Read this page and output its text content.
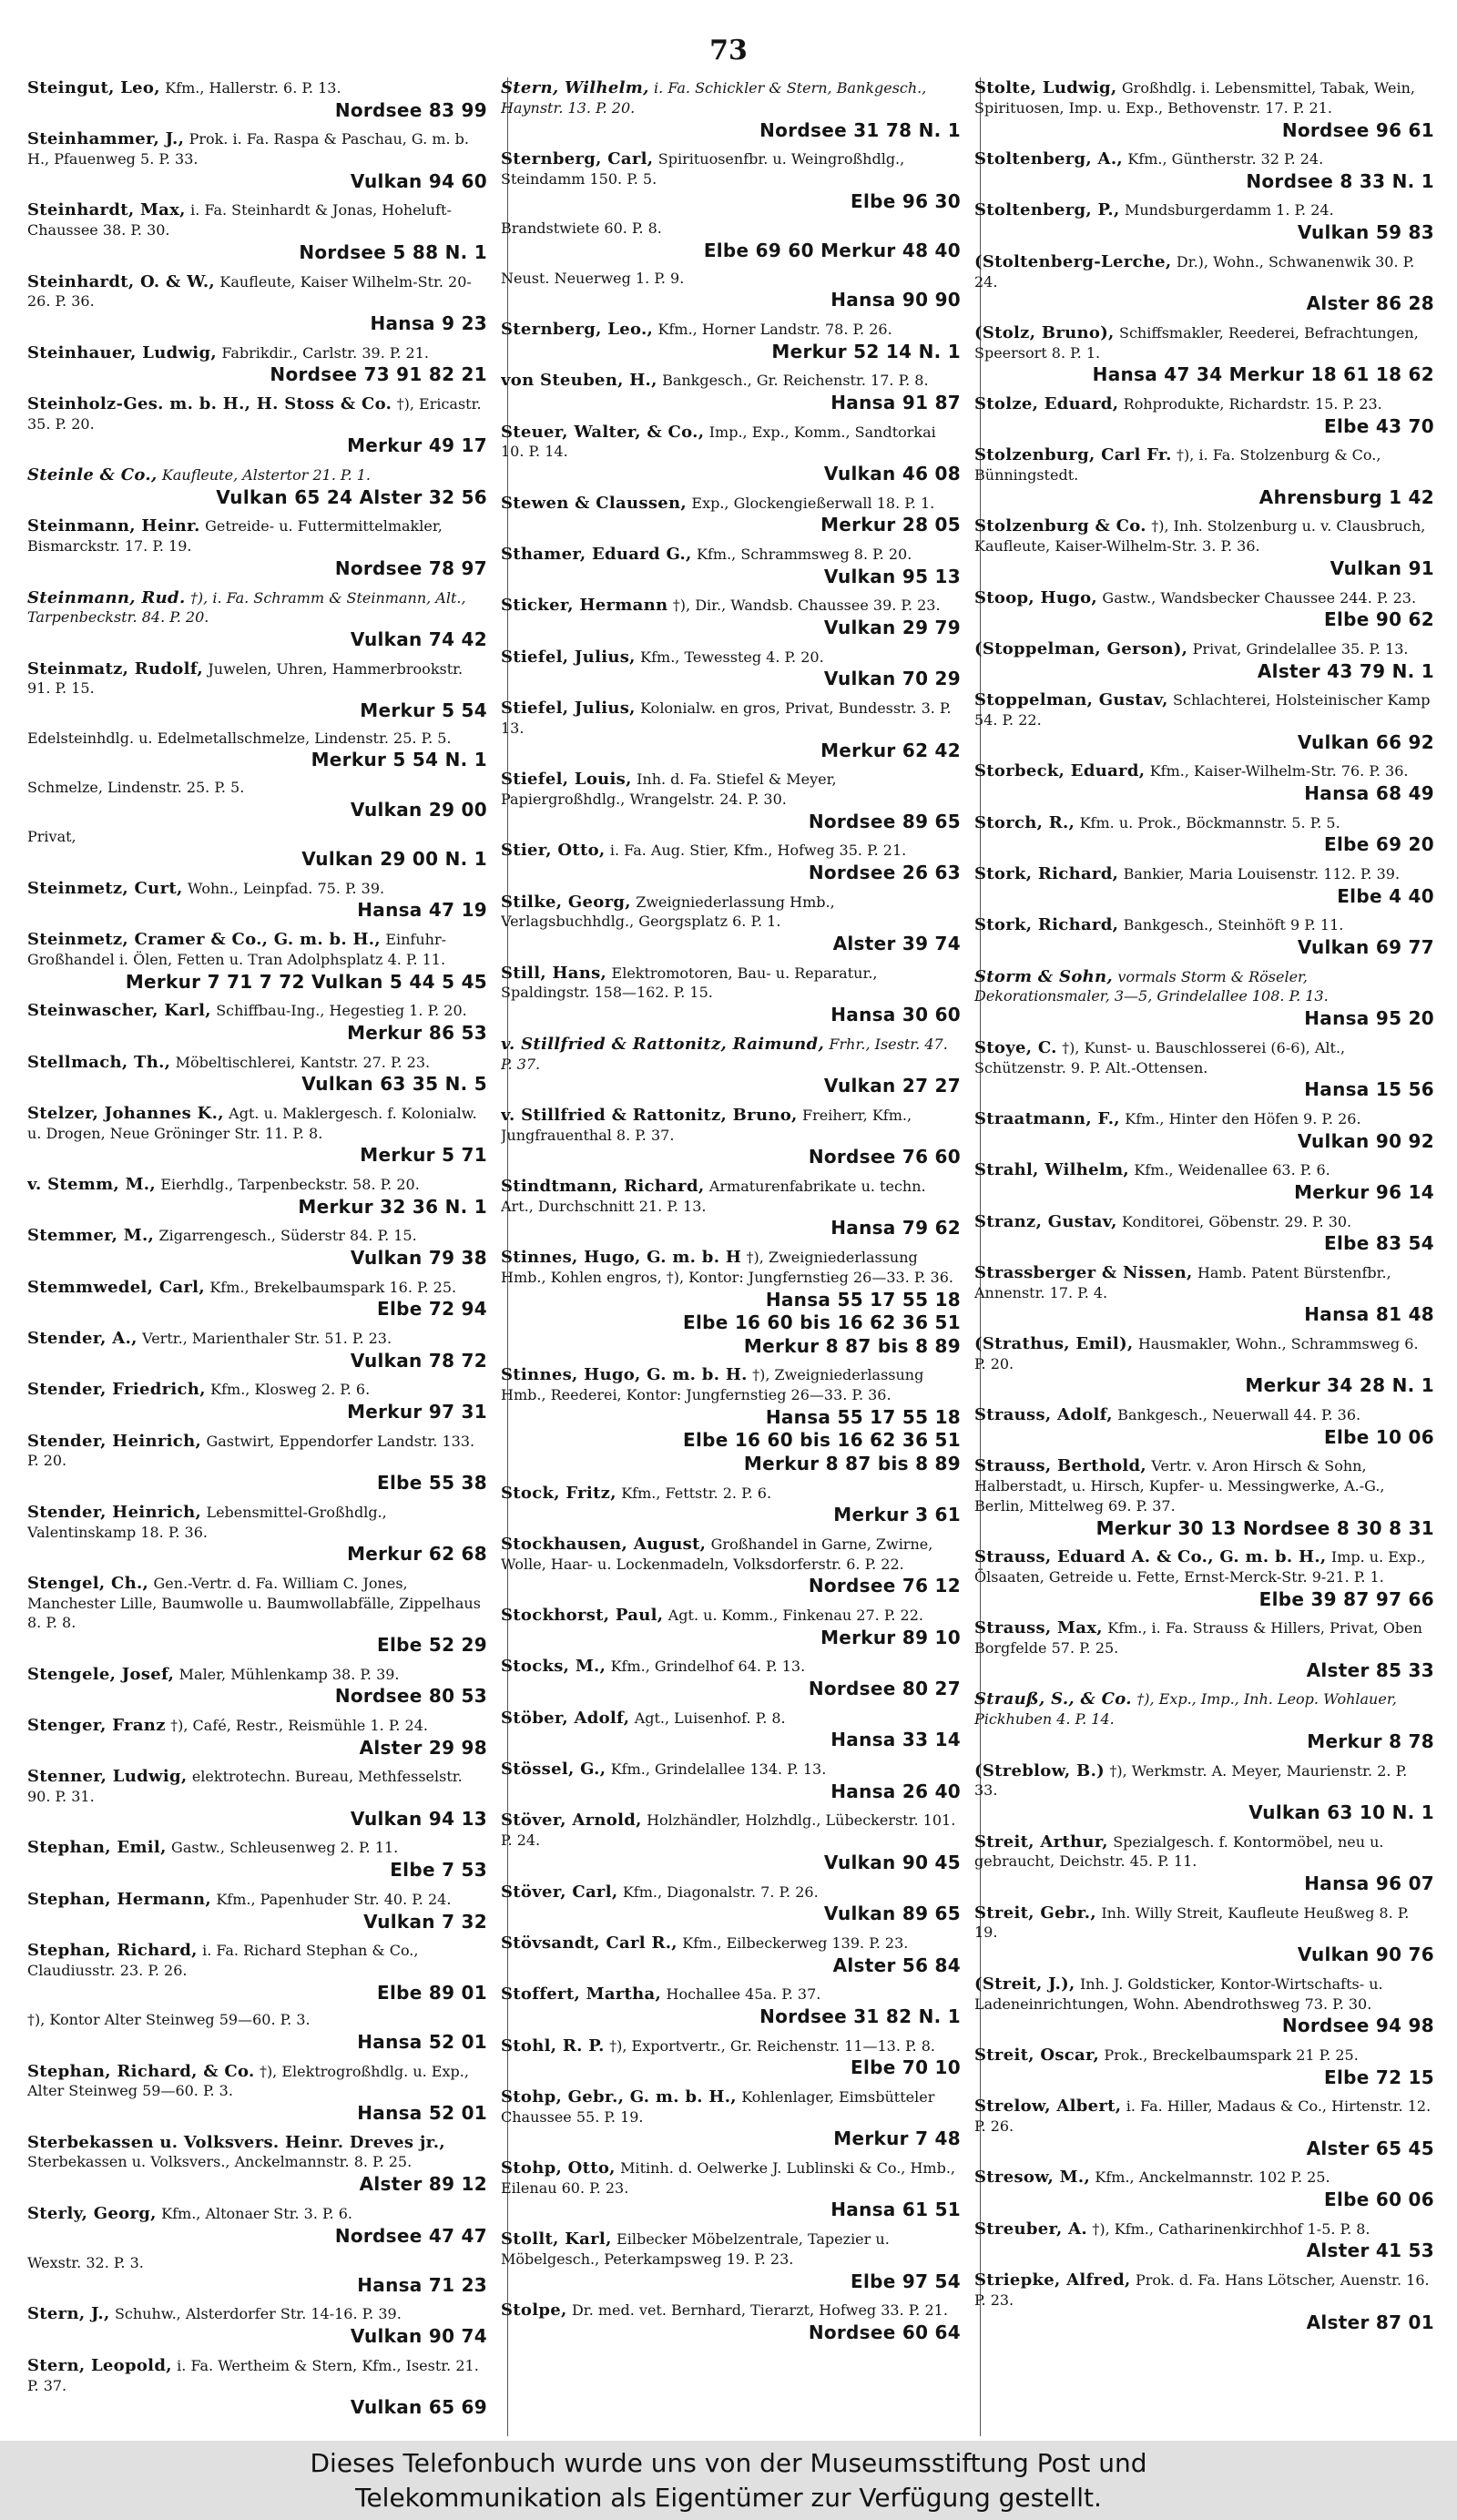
73
Steingut, Leo, Kfm., Hallerstr. 6. P. 13.
Nordsee 83 99
Steinhammer, J., Prok. i. Fa. Raspa & Paschau, G. m. b. H., Pfauenweg 5. P. 33.
Vulkan 94 60
Steinhardt, Max, i. Fa. Steinhardt & Jonas, Hoheluft-Chaussee 38. P. 30.
Nordsee 5 88 N. 1
Steinhardt, O. & W., Kaufleute, Kaiser Wilhelm-Str. 20-26. P. 36.
Hansa 9 23
Steinhauer, Ludwig, Fabrikdir., Carlstr. 39. P. 21.
Nordsee 73 91 82 21
Steinholz-Ges. m. b. H., H. Stoss & Co. †), Ericastr. 35. P. 20.
Merkur 49 17
Steinle & Co., Kaufleute, Alstertor 21. P. 1.
Vulkan 65 24 Alster 32 56
Steinmann, Heinr. Getreide- u. Futtermittelmakler, Bismarckstr. 17. P. 19.
Nordsee 78 97
Steinmann, Rud. †), i. Fa. Schramm & Steinmann, Alt., Tarpenbeckstr. 84. P. 20.
Vulkan 74 42
Steinmatz, Rudolf, Juwelen, Uhren, Hammerbrookstr. 91. P. 15.
Merkur 5 54
Edelsteinhdlg. u. Edelmetallschmelze, Lindenstr. 25. P. 5.
Merkur 5 54 N. 1
Schmelze, Lindenstr. 25. P. 5.
Vulkan 29 00
Privat,
Vulkan 29 00 N. 1
Steinmetz, Curt, Wohn., Leinpfad. 75. P. 39.
Hansa 47 19
Steinmetz, Cramer & Co., G. m. b. H., Einfuhr-Großhandel i. Ölen, Fetten u. Tran Adolphsplatz 4. P. 11.
Merkur 7 71 7 72 Vulkan 5 44 5 45
Steinwascher, Karl, Schiffbau-Ing., Hegestieg 1. P. 20.
Merkur 86 53
Stellmach, Th., Möbeltischlerei, Kantstr. 27. P. 23.
Vulkan 63 35 N. 5
Stelzer, Johannes K., Agt. u. Maklergesch. f. Kolonialw. u. Drogen, Neue Gröninger Str. 11. P. 8.
Merkur 5 71
v. Stemm, M., Eierhdlg., Tarpenbeckstr. 58. P. 20.
Merkur 32 36 N. 1
Stemmer, M., Zigarrengesch., Süderstr 84. P. 15.
Vulkan 79 38
Stemmwedel, Carl, Kfm., Brekelbaumspark 16. P. 25.
Elbe 72 94
Stender, A., Vertr., Marienthaler Str. 51. P. 23.
Vulkan 78 72
Stender, Friedrich, Kfm., Klosweg 2. P. 6.
Merkur 97 31
Stender, Heinrich, Gastwirt, Eppendorfer Landstr. 133. P. 20.
Elbe 55 38
Stender, Heinrich, Lebensmittel-Großhdlg., Valentinskamp 18. P. 36.
Merkur 62 68
Stengel, Ch., Gen.-Vertr. d. Fa. William C. Jones, Manchester Lille, Baumwolle u. Baumwollabfälle, Zippelhaus 8. P. 8.
Elbe 52 29
Stengele, Josef, Maler, Mühlenkamp 38. P. 39.
Nordsee 80 53
Stenger, Franz †), Café, Restr., Reismühle 1. P. 24.
Alster 29 98
Stenner, Ludwig, elektrotechn. Bureau, Methfesselstr. 90. P. 31.
Vulkan 94 13
Stephan, Emil, Gastw., Schleusenweg 2. P. 11.
Elbe 7 53
Stephan, Hermann, Kfm., Papenhuder Str. 40. P. 24.
Vulkan 7 32
Stephan, Richard, i. Fa. Richard Stephan & Co., Claudiusstr. 23. P. 26.
Elbe 89 01
†), Kontor Alter Steinweg 59—60. P. 3.
Hansa 52 01
Stephan, Richard, & Co. †), Elektrogroßhdlg. u. Exp., Alter Steinweg 59—60. P. 3.
Hansa 52 01
Sterbekassen u. Volksvers. Heinr. Dreves jr., Sterbekassen u. Volksvers., Anckelmannstr. 8. P. 25.
Alster 89 12
Sterly, Georg, Kfm., Altonaer Str. 3. P. 6.
Nordsee 47 47
Wexstr. 32. P. 3.
Hansa 71 23
Stern, J., Schuhw., Alsterdorfer Str. 14-16. P. 39.
Vulkan 90 74
Stern, Leopold, i. Fa. Wertheim & Stern, Kfm., Isestr. 21. P. 37.
Vulkan 65 69
Stern, Wilhelm, i. Fa. Schickler & Stern, Bankgesch., Haynstr. 13. P. 20.
Nordsee 31 78 N. 1
Sternberg, Carl, Spirituosenfbr. u. Weingroßhdlg., Steindamm 150. P. 5.
Elbe 96 30
Brandstwiete 60. P. 8.
Elbe 69 60 Merkur 48 40
Neust. Neuerweg 1. P. 9.
Hansa 90 90
Sternberg, Leo., Kfm., Horner Landstr. 78. P. 26.
Merkur 52 14 N. 1
von Steuben, H., Bankgesch., Gr. Reichenstr. 17. P. 8.
Hansa 91 87
Steuer, Walter, & Co., Imp., Exp., Komm., Sandtorkai 10. P. 14.
Vulkan 46 08
Stewen & Claussen, Exp., Glockengießerwall 18. P. 1.
Merkur 28 05
Sthamer, Eduard G., Kfm., Schrammsweg 8. P. 20.
Vulkan 95 13
Sticker, Hermann †), Dir., Wandsb. Chaussee 39. P. 23.
Vulkan 29 79
Stiefel, Julius, Kfm., Tewessteg 4. P. 20.
Vulkan 70 29
Stiefel, Julius, Kolonialw. en gros, Privat, Bundesstr. 3. P. 13.
Merkur 62 42
Stiefel, Louis, Inh. d. Fa. Stiefel & Meyer, Papiergroßhdlg., Wrangelstr. 24. P. 30.
Nordsee 89 65
Stier, Otto, i. Fa. Aug. Stier, Kfm., Hofweg 35. P. 21.
Nordsee 26 63
Stilke, Georg, Zweigniederlassung Hmb., Verlagsbuchhdlg., Georgsplatz 6. P. 1.
Alster 39 74
Still, Hans, Elektromotoren, Bau- u. Reparatur., Spaldingstr. 158—162. P. 15.
Hansa 30 60
v. Stillfried & Rattonitz, Raimund, Frhr., Isestr. 47. P. 37.
Vulkan 27 27
v. Stillfried & Rattonitz, Bruno, Freiherr, Kfm., Jungfrauenthal 8. P. 37.
Nordsee 76 60
Stindtmann, Richard, Armaturenfabrikate u. techn. Art., Durchschnitt 21. P. 13.
Hansa 79 62
Stinnes, Hugo, G. m. b. H †), Zweigniederlassung Hmb., Kohlen engros, †), Kontor: Jungfernstieg 26—33. P. 36.
Hansa 55 17 55 18
Elbe 16 60 bis 16 62 36 51
Merkur 8 87 bis 8 89
Stinnes, Hugo, G. m. b. H. †), Zweigniederlassung Hmb., Reederei, Kontor: Jungfernstieg 26—33. P. 36.
Hansa 55 17 55 18
Elbe 16 60 bis 16 62 36 51
Merkur 8 87 bis 8 89
Stock, Fritz, Kfm., Fettstr. 2. P. 6.
Merkur 3 61
Stockhausen, August, Großhandel in Garne, Zwirne, Wolle, Haar- u. Lockenmadeln, Volksdorferstr. 6. P. 22.
Nordsee 76 12
Stockhorst, Paul, Agt. u. Komm., Finkenau 27. P. 22.
Merkur 89 10
Stocks, M., Kfm., Grindelhof 64. P. 13.
Nordsee 80 27
Stöber, Adolf, Agt., Luisenhof. P. 8.
Hansa 33 14
Stössel, G., Kfm., Grindelallee 134. P. 13.
Hansa 26 40
Stöver, Arnold, Holzhändler, Holzhdlg., Lübeckerstr. 101. P. 24.
Vulkan 90 45
Stöver, Carl, Kfm., Diagonalstr. 7. P. 26.
Vulkan 89 65
Stövsandt, Carl R., Kfm., Eilbeckerweg 139. P. 23.
Alster 56 84
Stoffert, Martha, Hochallee 45a. P. 37.
Nordsee 31 82 N. 1
Stohl, R. P. †), Exportvertr., Gr. Reichenstr. 11—13. P. 8.
Elbe 70 10
Stohp, Gebr., G. m. b. H., Kohlenlager, Eimsbütteler Chaussee 55. P. 19.
Merkur 7 48
Stohp, Otto, Mitinh. d. Oelwerke J. Lublinski & Co., Hmb., Eilenau 60. P. 23.
Hansa 61 51
Stollt, Karl, Eilbecker Möbelzentrale, Tapezier u. Möbelgesch., Peterkampsweg 19. P. 23.
Elbe 97 54
Stolpe, Dr. med. vet. Bernhard, Tierarzt, Hofweg 33. P. 21.
Nordsee 60 64
Stolte, Ludwig, Großhdlg. i. Lebensmittel, Tabak, Wein, Spirituosen, Imp. u. Exp., Bethovenstr. 17. P. 21.
Nordsee 96 61
Stoltenberg, A., Kfm., Güntherstr. 32 P. 24.
Nordsee 8 33 N. 1
Stoltenberg, P., Mundsburgerdamm 1. P. 24.
Vulkan 59 83
(Stoltenberg-Lerche, Dr.), Wohn., Schwanenwik 30. P. 24.
Alster 86 28
(Stolz, Bruno), Schiffsmakler, Reederei, Befrachtungen, Speersort 8. P. 1.
Hansa 47 34 Merkur 18 61 18 62
Stolze, Eduard, Rohprodukte, Richardstr. 15. P. 23.
Elbe 43 70
Stolzenburg, Carl Fr. †), i. Fa. Stolzenburg & Co., Bünningstedt.
Ahrensburg 1 42
Stolzenburg & Co. †), Inh. Stolzenburg u. v. Clausbruch, Kaufleute, Kaiser-Wilhelm-Str. 3. P. 36.
Vulkan 91
Stoop, Hugo, Gastw., Wandsbecker Chaussee 244. P. 23.
Elbe 90 62
(Stoppelman, Gerson), Privat, Grindelallee 35. P. 13.
Alster 43 79 N. 1
Stoppelman, Gustav, Schlachterei, Holsteinischer Kamp 54. P. 22.
Vulkan 66 92
Storbeck, Eduard, Kfm., Kaiser-Wilhelm-Str. 76. P. 36.
Hansa 68 49
Storch, R., Kfm. u. Prok., Böckmannstr. 5. P. 5.
Elbe 69 20
Stork, Richard, Bankier, Maria Louisenstr. 112. P. 39.
Elbe 4 40
Stork, Richard, Bankgesch., Steinhöft 9 P. 11.
Vulkan 69 77
Storm & Sohn, vormals Storm & Röseler, Dekorationsmaler, 3—5, Grindelallee 108. P. 13.
Hansa 95 20
Stoye, C. †), Kunst- u. Bauschlosserei (6-6), Alt., Schützenstr. 9. P. Alt.-Ottensen.
Hansa 15 56
Straatmann, F., Kfm., Hinter den Höfen 9. P. 26.
Vulkan 90 92
Strahl, Wilhelm, Kfm., Weidenallee 63. P. 6.
Merkur 96 14
Stranz, Gustav, Konditorei, Göbenstr. 29. P. 30.
Elbe 83 54
Strassberger & Nissen, Hamb. Patent Bürstenfbr., Annenstr. 17. P. 4.
Hansa 81 48
(Strathus, Emil), Hausmakler, Wohn., Schrammsweg 6. P. 20.
Merkur 34 28 N. 1
Strauss, Adolf, Bankgesch., Neuerwall 44. P. 36.
Elbe 10 06
Strauss, Berthold, Vertr. v. Aron Hirsch & Sohn, Halberstadt, u. Hirsch, Kupfer- u. Messingwerke, A.-G., Berlin, Mittelweg 69. P. 37.
Merkur 30 13 Nordsee 8 30 8 31
Strauss, Eduard A. & Co., G. m. b. H., Imp. u. Exp., Ölsaaten, Getreide u. Fette, Ernst-Merck-Str. 9-21. P. 1.
Elbe 39 87 97 66
Strauss, Max, Kfm., i. Fa. Strauss & Hillers, Privat, Oben Borgfelde 57. P. 25.
Alster 85 33
Strauß, S., & Co. †), Exp., Imp., Inh. Leop. Wohlauer, Pickhuben 4. P. 14.
Merkur 8 78
(Streblow, B.) †), Werkmstr. A. Meyer, Maurienstr. 2. P. 33.
Vulkan 63 10 N. 1
Streit, Arthur, Spezialgesch. f. Kontormöbel, neu u. gebraucht, Deichstr. 45. P. 11.
Hansa 96 07
Streit, Gebr., Inh. Willy Streit, Kaufleute Heußweg 8. P. 19.
Vulkan 90 76
(Streit, J.), Inh. J. Goldsticker, Kontor-Wirtschafts- u. Ladeneinrichtungen, Wohn. Abendrothsweg 73. P. 30.
Nordsee 94 98
Streit, Oscar, Prok., Breckelbaumspark 21 P. 25.
Elbe 72 15
Strelow, Albert, i. Fa. Hiller, Madaus & Co., Hirtenstr. 12. P. 26.
Alster 65 45
Stresow, M., Kfm., Anckelmannstr. 102 P. 25.
Elbe 60 06
Streuber, A. †), Kfm., Catharinenkirchhof 1-5. P. 8.
Alster 41 53
Striepke, Alfred, Prok. d. Fa. Hans Lötscher, Auenstr. 16. P. 23.
Alster 87 01
Dieses Telefonbuch wurde uns von der Museumsstiftung Post und
Telekommunikation als Eigentümer zur Verfügung gestellt.
